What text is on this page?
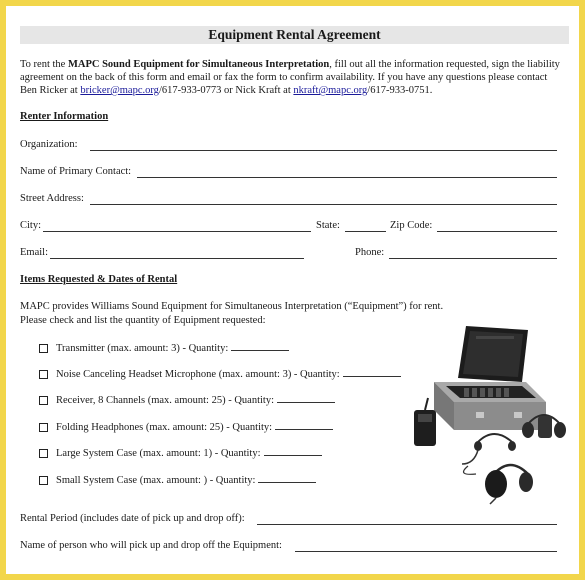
Equipment Rental Agreement
To rent the MAPC Sound Equipment for Simultaneous Interpretation, fill out all the information requested, sign the liability agreement on the back of this form and email or fax the form to confirm availability. If you have any questions please contact Ben Ricker at bricker@mapc.org/617-933-0773 or Nick Kraft at nkraft@mapc.org/617-933-0751.
Renter Information
Organization:
Name of Primary Contact:
Street Address:
City:	State:	Zip Code:
Email:	Phone:
Items Requested & Dates of Rental
MAPC provides Williams Sound Equipment for Simultaneous Interpretation (“Equipment”) for rent.
Please check and list the quantity of Equipment requested:
Transmitter (max. amount: 3) - Quantity:
Noise Canceling Headset Microphone (max. amount: 3) - Quantity:
Receiver, 8 Channels (max. amount: 25) - Quantity:
Folding Headphones (max. amount: 25) - Quantity:
Large System Case (max. amount: 1) - Quantity:
Small System Case (max. amount: ) - Quantity:
Rental Period (includes date of pick up and drop off):
Name of person who will pick up and drop off the Equipment:
